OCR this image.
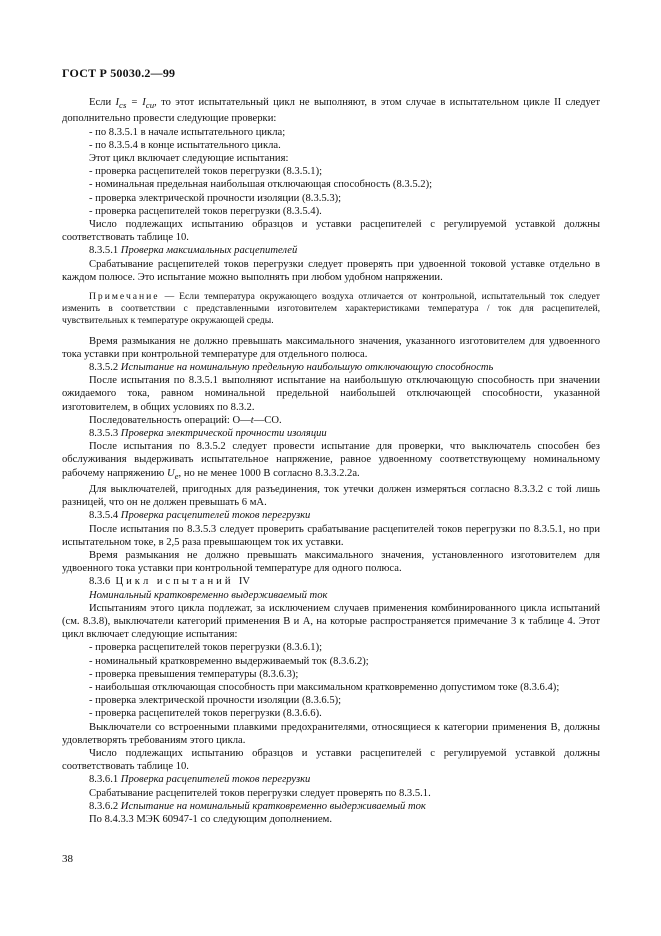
ГОСТ Р 50030.2—99

Если $I_{cs} = I_{cu}$, то этот испытательный цикл не выполняют, в этом случае в испытательном цикле II следует дополнительно провести следующие проверки:

- по 8.3.5.1 в начале испытательного цикла;

- по 8.3.5.4 в конце испытательного цикла.

Этот цикл включает следующие испытания:

- проверка расцепителей токов перегрузки (8.3.5.1);

- номинальная предельная наибольшая отключающая способность (8.3.5.2);

- проверка электрической прочности изоляции (8.3.5.3);

- проверка расцепителей токов перегрузки (8.3.5.4).

Число подлежащих испытанию образцов и уставки расцепителей с регулируемой уставкой должны соответствовать таблице 10.

8.3.5.1 Проверка максимальных расцепителей

Срабатывание расцепителей токов перегрузки следует проверять при удвоенной токовой уставке отдельно в каждом полюсе. Это испытание можно выполнять при любом удобном напряжении.

Примечание — Если температура окружающего воздуха отличается от контрольной, испытательный ток следует изменить в соответствии с представленными изготовителем характеристиками температура / ток для расцепителей, чувствительных к температуре окружающей среды.

Время размыкания не должно превышать максимального значения, указанного изготовителем для удвоенного тока уставки при контрольной температуре для отдельного полюса.

8.3.5.2 Испытание на номинальную предельную наибольшую отключающую способность

После испытания по 8.3.5.1 выполняют испытание на наибольшую отключающую способность при значении ожидаемого тока, равном номинальной предельной наибольшей отключающей способности, указанной изготовителем, в общих условиях по 8.3.2.

Последовательность операций: O—t—CO.

8.3.5.3 Проверка электрической прочности изоляции

После испытания по 8.3.5.2 следует провести испытание для проверки, что выключатель способен без обслуживания выдерживать испытательное напряжение, равное удвоенному соответствующему номинальному рабочему напряжению $U_e$, но не менее 1000 В согласно 8.3.3.2.2а.

Для выключателей, пригодных для разъединения, ток утечки должен измеряться согласно 8.3.3.2 с той лишь разницей, что он не должен превышать 6 мА.

8.3.5.4 Проверка расцепителей токов перегрузки

После испытания по 8.3.5.3 следует проверить срабатывание расцепителей токов перегрузки по 8.3.5.1, но при испытательном токе, в 2,5 раза превышающем ток их уставки.

Время размыкания не должно превышать максимального значения, установленного изготовителем для удвоенного тока уставки при контрольной температуре для одного полюса.

8.3.6 Цикл испытаний IV

Номинальный кратковременно выдерживаемый ток

Испытаниям этого цикла подлежат, за исключением случаев применения комбинированного цикла испытаний (см. 8.3.8), выключатели категорий применения В и А, на которые распространяется примечание 3 к таблице 4. Этот цикл включает следующие испытания:

- проверка расцепителей токов перегрузки (8.3.6.1);

- номинальный кратковременно выдерживаемый ток (8.3.6.2);

- проверка превышения температуры (8.3.6.3);

- наибольшая отключающая способность при максимальном кратковременно допустимом токе (8.3.6.4);

- проверка электрической прочности изоляции (8.3.6.5);

- проверка расцепителей токов перегрузки (8.3.6.6).

Выключатели со встроенными плавкими предохранителями, относящиеся к категории применения В, должны удовлетворять требованиям этого цикла.

Число подлежащих испытанию образцов и уставки расцепителей с регулируемой уставкой должны соответствовать таблице 10.

8.3.6.1 Проверка расцепителей токов перегрузки

Срабатывание расцепителей токов перегрузки следует проверять по 8.3.5.1.

8.3.6.2 Испытание на номинальный кратковременно выдерживаемый ток

По 8.4.3.3 МЭК 60947-1 со следующим дополнением.

38
